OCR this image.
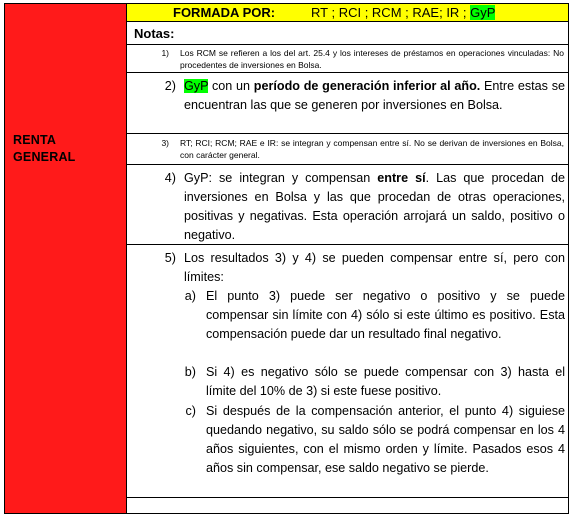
RENTA
GENERAL
FORMADA POR:	RT ; RCI ; RCM ; RAE; IR ; GyP
Notas:
1) Los RCM se refieren a los del art. 25.4 y los intereses de préstamos en operaciones vinculadas: No procedentes de inversiones en Bolsa.
2) GyP con un período de generación inferior al año. Entre estas se encuentran las que se generen por inversiones en Bolsa.
3) RT; RCI; RCM; RAE e IR: se integran y compensan entre sí. No se derivan de inversiones en Bolsa, con carácter general.
4) GyP: se integran y compensan entre sí. Las que procedan de inversiones en Bolsa y las que procedan de otras operaciones, positivas y negativas. Esta operación arrojará un saldo, positivo o negativo.
5) Los resultados 3) y 4) se pueden compensar entre sí, pero con límites:
a) El punto 3) puede ser negativo o positivo y se puede compensar sin límite con 4) sólo si este último es positivo. Esta compensación puede dar un resultado final negativo.
b) Si 4) es negativo sólo se puede compensar con 3) hasta el límite del 10% de 3) si este fuese positivo.
c) Si después de la compensación anterior, el punto 4) siguiese quedando negativo, su saldo sólo se podrá compensar en los 4 años siguientes, con el mismo orden y límite. Pasados esos 4 años sin compensar, ese saldo negativo se pierde.
